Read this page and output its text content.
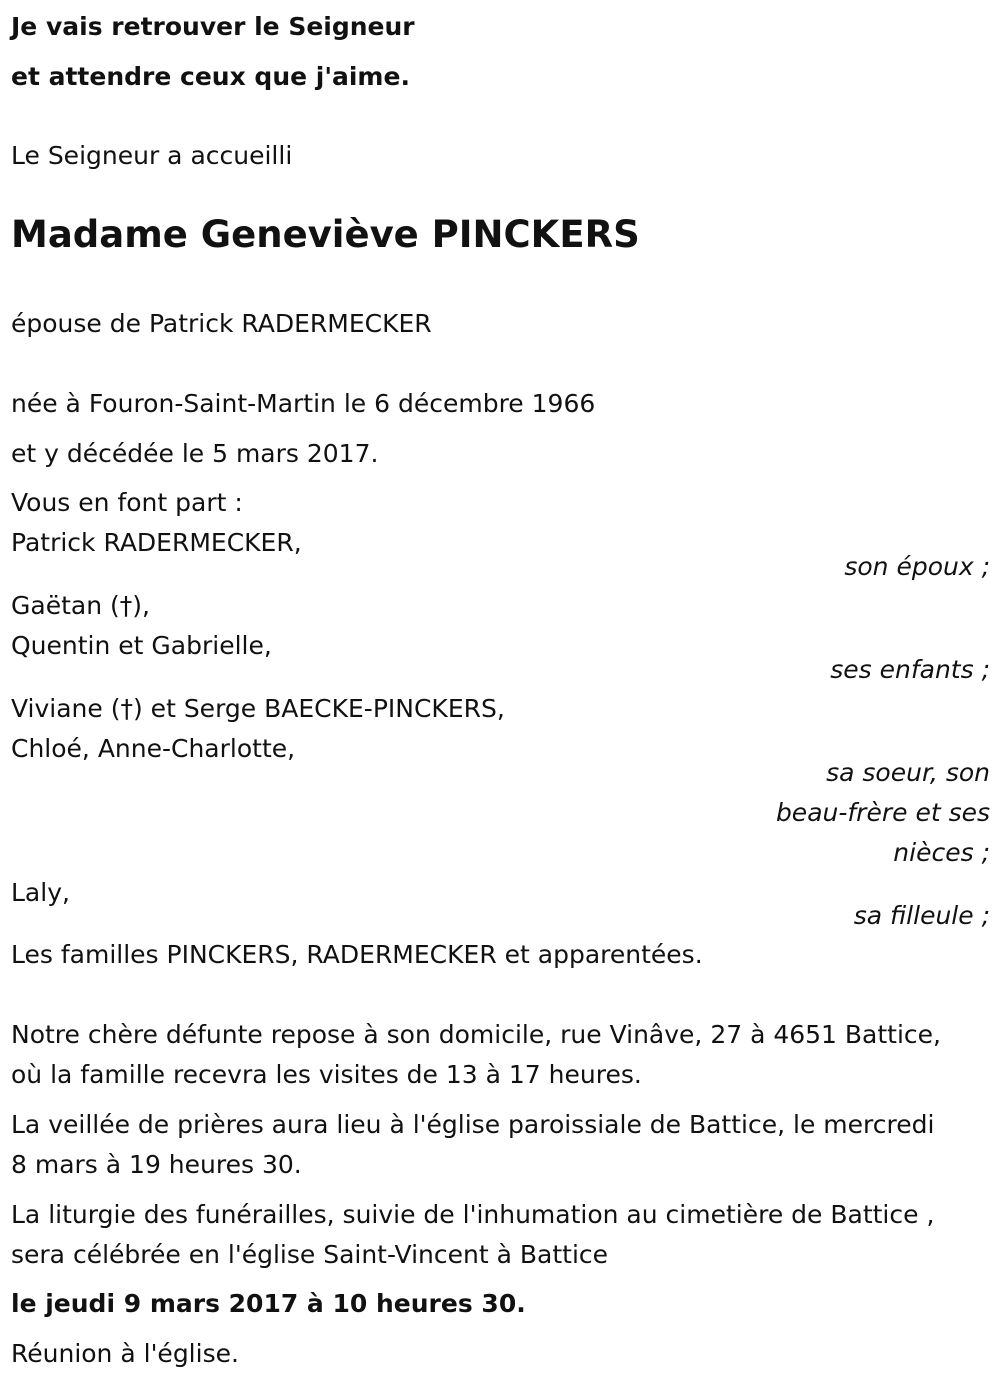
Je vais retrouver le Seigneur
et attendre ceux que j'aime.
Le Seigneur a accueilli
Madame Geneviève PINCKERS
épouse de Patrick RADERMECKER
née à Fouron-Saint-Martin le 6 décembre 1966
et y décédée le 5 mars 2017.
Vous en font part :
Patrick RADERMECKER,
son époux ;
Gaëtan (†),
Quentin et Gabrielle,
ses enfants ;
Viviane (†) et Serge BAECKE-PINCKERS,
Chloé, Anne-Charlotte,
sa soeur, son
beau-frère et ses
nièces ;
Laly,
sa filleule ;
Les familles PINCKERS, RADERMECKER et apparentées.
Notre chère défunte repose à son domicile, rue Vinâve, 27 à 4651 Battice,
où la famille recevra les visites de 13 à 17 heures.
La veillée de prières aura lieu à l'église paroissiale de Battice, le mercredi
8 mars à 19 heures 30.
La liturgie des funérailles, suivie de l'inhumation au cimetière de Battice ,
sera célébrée en l'église Saint-Vincent à Battice
le jeudi 9 mars 2017 à 10 heures 30.
Réunion à l'église.
